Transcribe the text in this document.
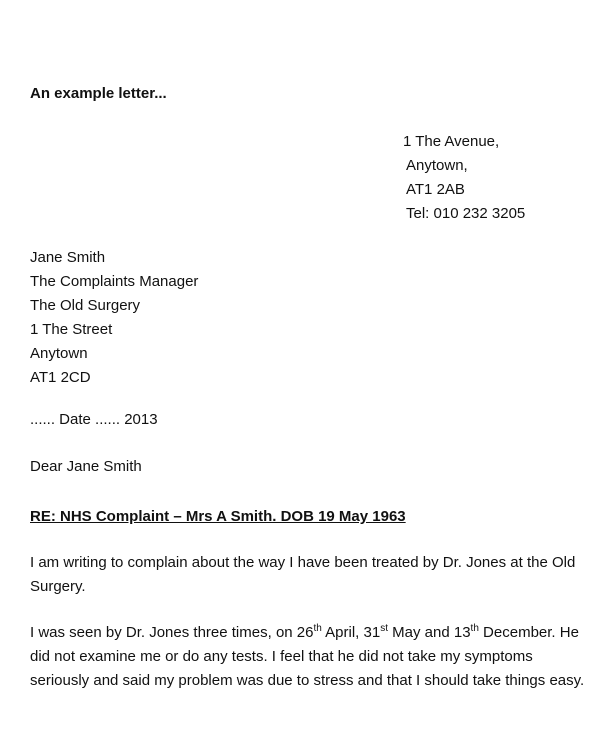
An example letter...
1 The Avenue,
Anytown,
AT1 2AB
Tel: 010 232 3205
Jane Smith
The Complaints Manager
The Old Surgery
1 The Street
Anytown
AT1 2CD
...... Date ...... 2013
Dear Jane Smith
RE: NHS Complaint – Mrs A Smith. DOB 19 May 1963
I am writing to complain about the way I have been treated by Dr. Jones at the Old
Surgery.
I was seen by Dr. Jones three times, on 26th April, 31st May and 13th December. He
did not examine me or do any tests. I feel that he did not take my symptoms
seriously and said my problem was due to stress and that I should take things easy.
